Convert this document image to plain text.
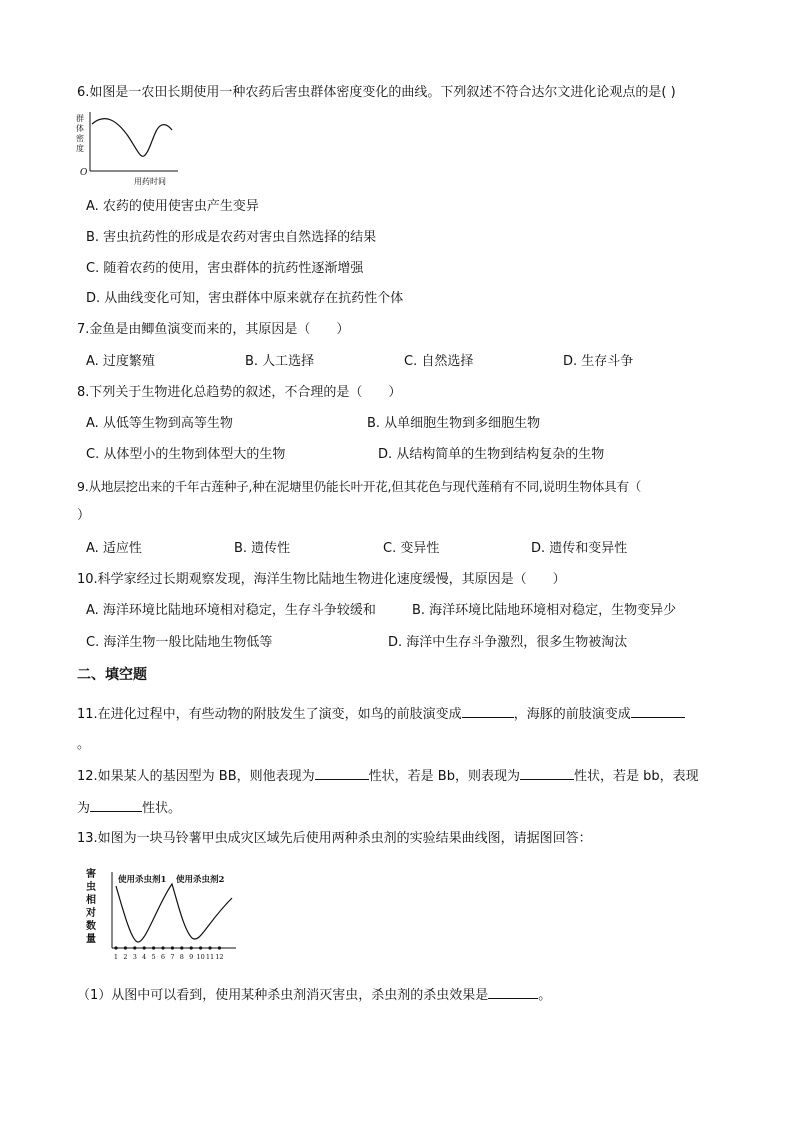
6.如图是一农田长期使用一种农药后害虫群体密度变化的曲线。下列叙述不符合达尔文进化论观点的是( )
群
体
密
度
O
用药时间
A. 农药的使用使害虫产生变异
B. 害虫抗药性的形成是农药对害虫自然选择的结果
C. 随着农药的使用，害虫群体的抗药性逐渐增强
D. 从曲线变化可知，害虫群体中原来就存在抗药性个体
7.金鱼是由鲫鱼演变而来的，其原因是（　　）
A. 过度繁殖	B. 人工选择	C. 自然选择	D. 生存斗争
8.下列关于生物进化总趋势的叙述，不合理的是（　　）
A. 从低等生物到高等生物	B. 从单细胞生物到多细胞生物
C. 从体型小的生物到体型大的生物	D. 从结构简单的生物到结构复杂的生物
9.从地层挖出来的千年古莲种子,种在泥塘里仍能长叶开花,但其花色与现代莲稍有不同,说明生物体具有（
）
A. 适应性	B. 遗传性	C. 变异性	D. 遗传和变异性
10.科学家经过长期观察发现，海洋生物比陆地生物进化速度缓慢，其原因是（　　）
A. 海洋环境比陆地环境相对稳定，生存斗争较缓和	B. 海洋环境比陆地环境相对稳定，生物变异少
C. 海洋生物一般比陆地生物低等	D. 海洋中生存斗争激烈，很多生物被淘汰
二、填空题
11.在进化过程中，有些动物的附肢发生了演变，如鸟的前肢演变成	，海豚的前肢演变成
。
12.如果某人的基因型为 BB，则他表现为	性状，若是 Bb，则表现为	性状，若是 bb，表现
为	性状。
13.如图为一块马铃薯甲虫成灾区域先后使用两种杀虫剂的实验结果曲线图，请据图回答：
害
虫
相
对
数
量
使用杀虫剂1 使用杀虫剂2
1 2 3 4 5 6 7 8 9 10 11 12
（1）从图中可以看到，使用某种杀虫剂消灭害虫，杀虫剂的杀虫效果是	。
